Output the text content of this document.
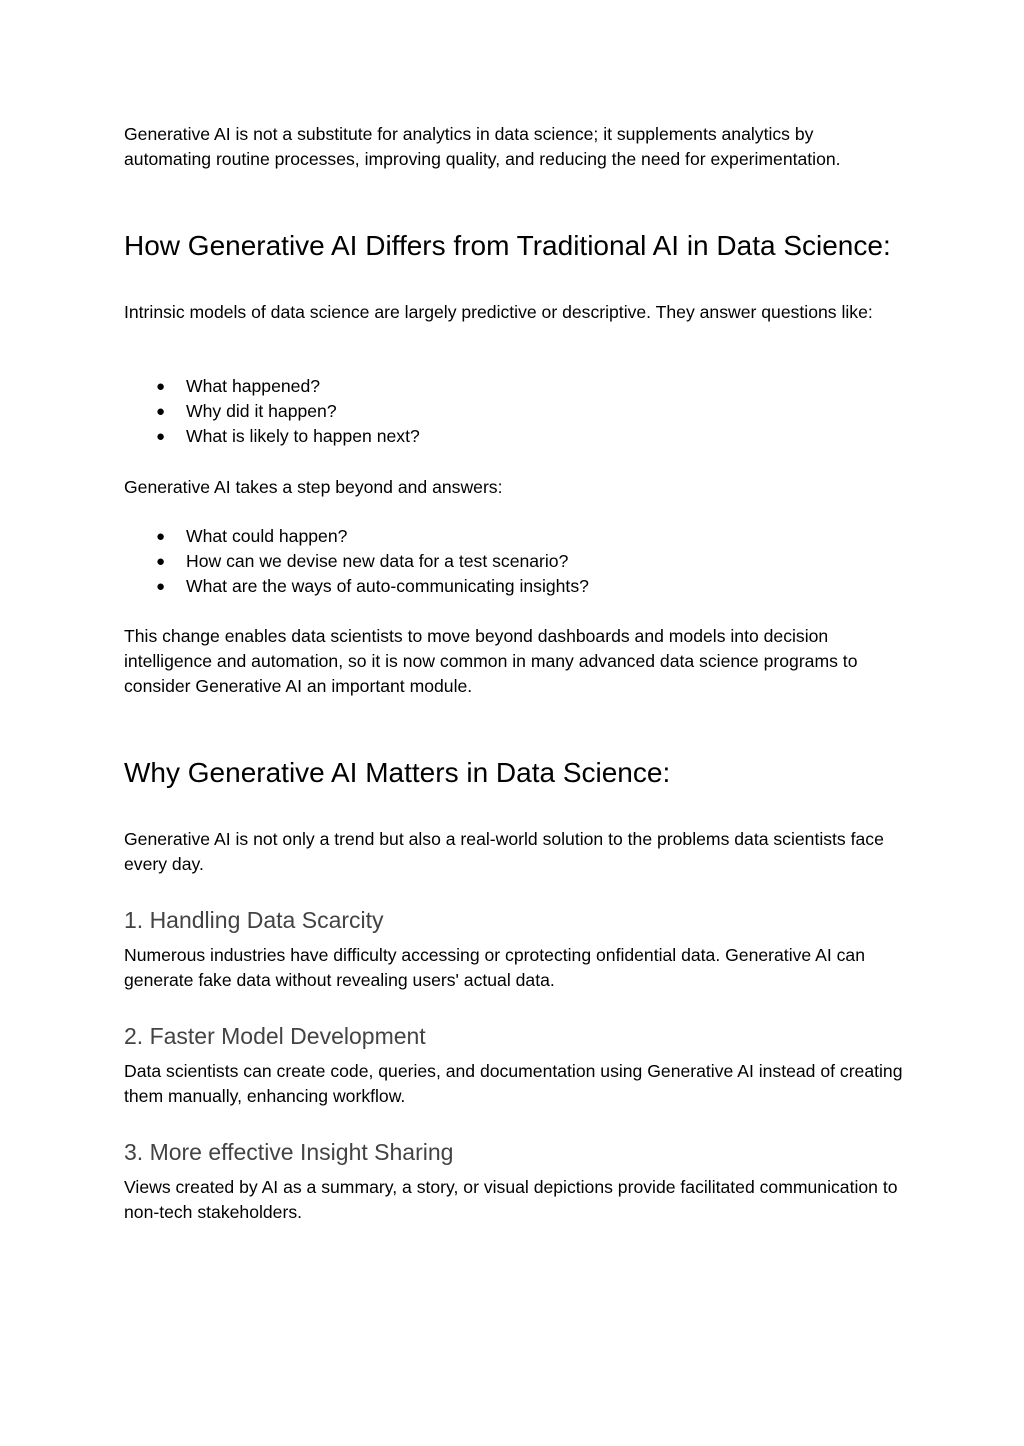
Generative AI is not a substitute for analytics in data science; it supplements analytics by automating routine processes, improving quality, and reducing the need for experimentation.

How Generative AI Differs from Traditional AI in Data Science:

Intrinsic models of data science are largely predictive or descriptive. They answer questions like:

● What happened?
● Why did it happen?
● What is likely to happen next?

Generative AI takes a step beyond and answers:

● What could happen?
● How can we devise new data for a test scenario?
● What are the ways of auto-communicating insights?

This change enables data scientists to move beyond dashboards and models into decision intelligence and automation, so it is now common in many advanced data science programs to consider Generative AI an important module.

Why Generative AI Matters in Data Science:

Generative AI is not only a trend but also a real-world solution to the problems data scientists face every day.

1. Handling Data Scarcity

Numerous industries have difficulty accessing or cprotecting onfidential data. Generative AI can generate fake data without revealing users' actual data.

2. Faster Model Development

Data scientists can create code, queries, and documentation using Generative AI instead of creating them manually, enhancing workflow.

3. More effective Insight Sharing

Views created by AI as a summary, a story, or visual depictions provide facilitated communication to non-tech stakeholders.
